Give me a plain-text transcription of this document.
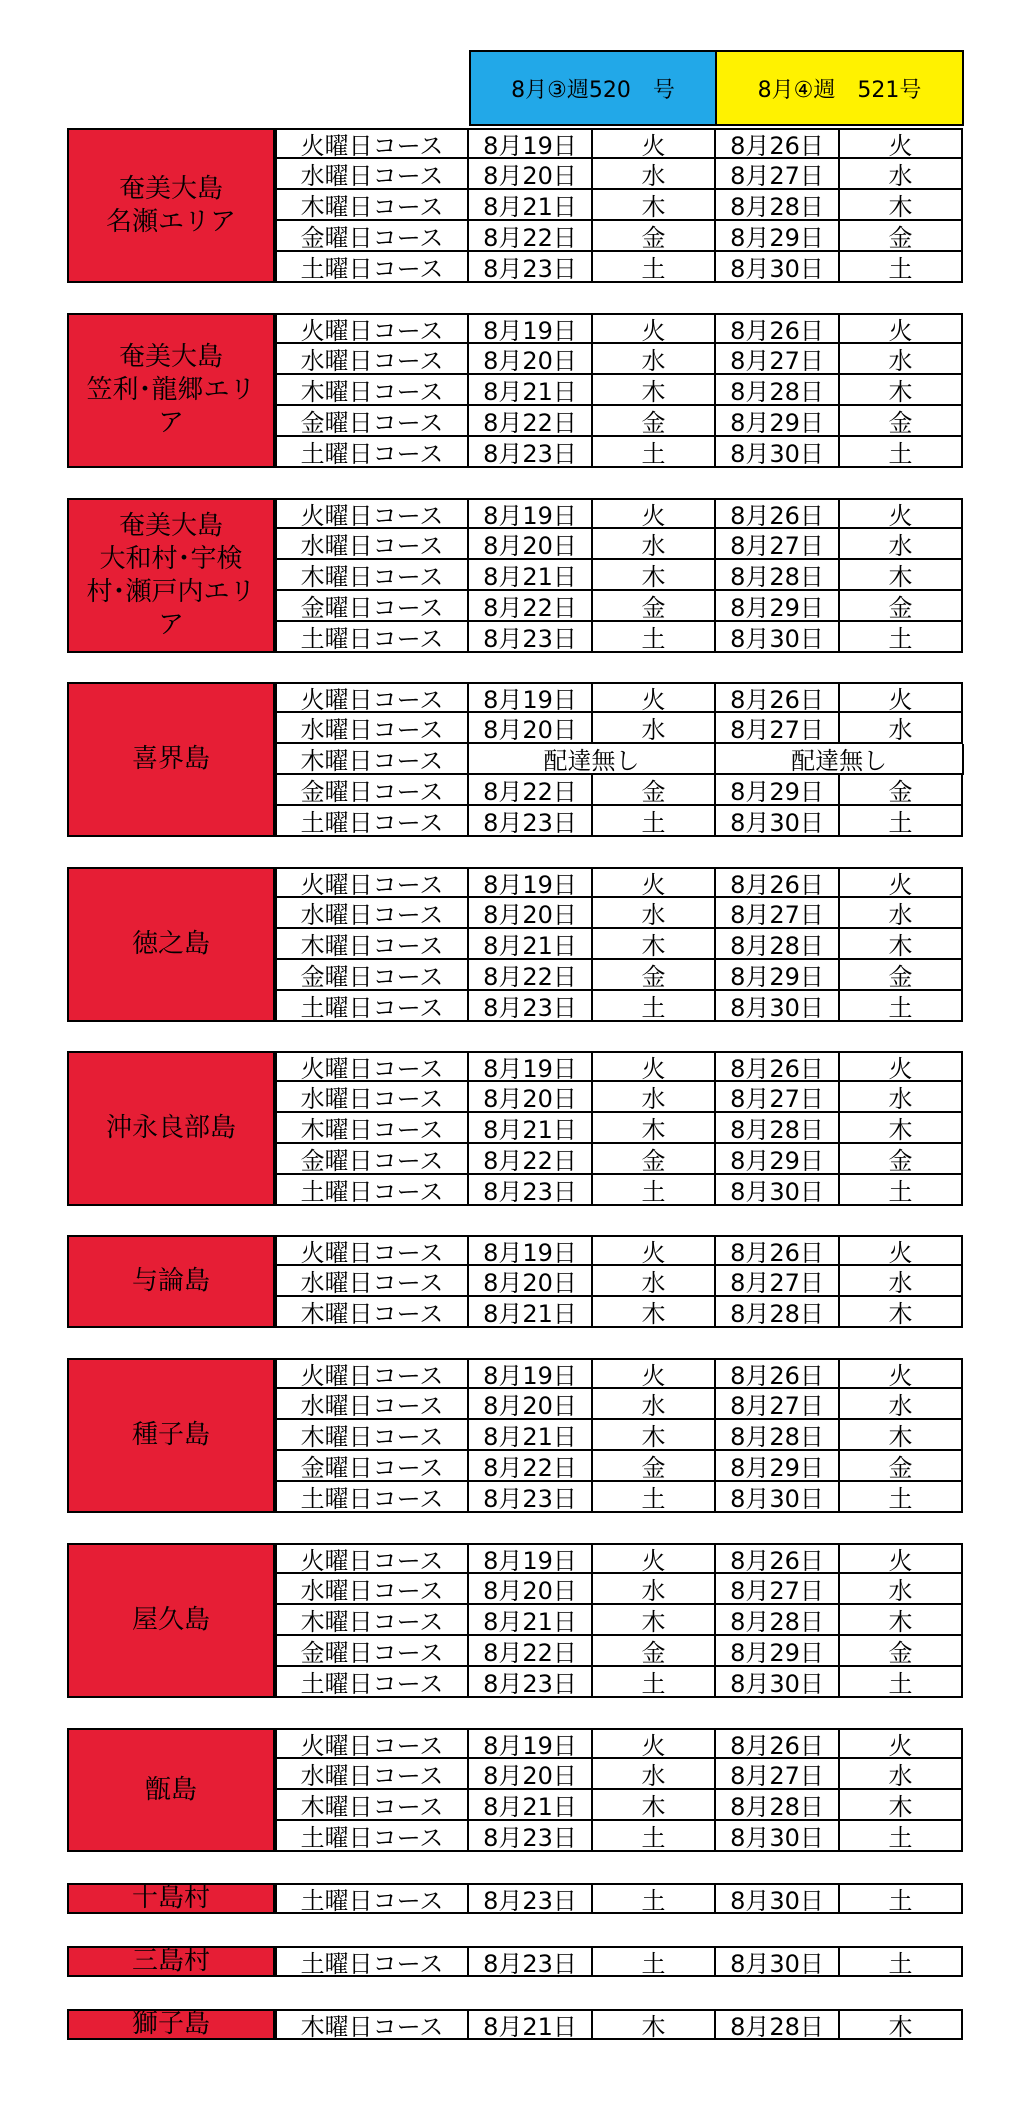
8月③週520　号	8月④週　521号
奄美大島
名瀬エリア
火曜日コース	8月19日	火	8月26日	火
水曜日コース	8月20日	水	8月27日	水
木曜日コース	8月21日	木	8月28日	木
金曜日コース	8月22日	金	8月29日	金
土曜日コース	8月23日	土	8月30日	土
奄美大島
笠利･龍郷エリ
ア
火曜日コース	8月19日	火	8月26日	火
水曜日コース	8月20日	水	8月27日	水
木曜日コース	8月21日	木	8月28日	木
金曜日コース	8月22日	金	8月29日	金
土曜日コース	8月23日	土	8月30日	土
奄美大島
大和村･宇検
村･瀬戸内エリ
ア
火曜日コース	8月19日	火	8月26日	火
水曜日コース	8月20日	水	8月27日	水
木曜日コース	8月21日	木	8月28日	木
金曜日コース	8月22日	金	8月29日	金
土曜日コース	8月23日	土	8月30日	土
喜界島
火曜日コース	8月19日	火	8月26日	火
水曜日コース	8月20日	水	8月27日	水
木曜日コース	配達無し	配達無し
金曜日コース	8月22日	金	8月29日	金
土曜日コース	8月23日	土	8月30日	土
徳之島
火曜日コース	8月19日	火	8月26日	火
水曜日コース	8月20日	水	8月27日	水
木曜日コース	8月21日	木	8月28日	木
金曜日コース	8月22日	金	8月29日	金
土曜日コース	8月23日	土	8月30日	土
沖永良部島
火曜日コース	8月19日	火	8月26日	火
水曜日コース	8月20日	水	8月27日	水
木曜日コース	8月21日	木	8月28日	木
金曜日コース	8月22日	金	8月29日	金
土曜日コース	8月23日	土	8月30日	土
与論島
火曜日コース	8月19日	火	8月26日	火
水曜日コース	8月20日	水	8月27日	水
木曜日コース	8月21日	木	8月28日	木
種子島
火曜日コース	8月19日	火	8月26日	火
水曜日コース	8月20日	水	8月27日	水
木曜日コース	8月21日	木	8月28日	木
金曜日コース	8月22日	金	8月29日	金
土曜日コース	8月23日	土	8月30日	土
屋久島
火曜日コース	8月19日	火	8月26日	火
水曜日コース	8月20日	水	8月27日	水
木曜日コース	8月21日	木	8月28日	木
金曜日コース	8月22日	金	8月29日	金
土曜日コース	8月23日	土	8月30日	土
甑島
火曜日コース	8月19日	火	8月26日	火
水曜日コース	8月20日	水	8月27日	水
木曜日コース	8月21日	木	8月28日	木
土曜日コース	8月23日	土	8月30日	土
十島村	土曜日コース	8月23日	土	8月30日	土
三島村	土曜日コース	8月23日	土	8月30日	土
獅子島	木曜日コース	8月21日	木	8月28日	木
